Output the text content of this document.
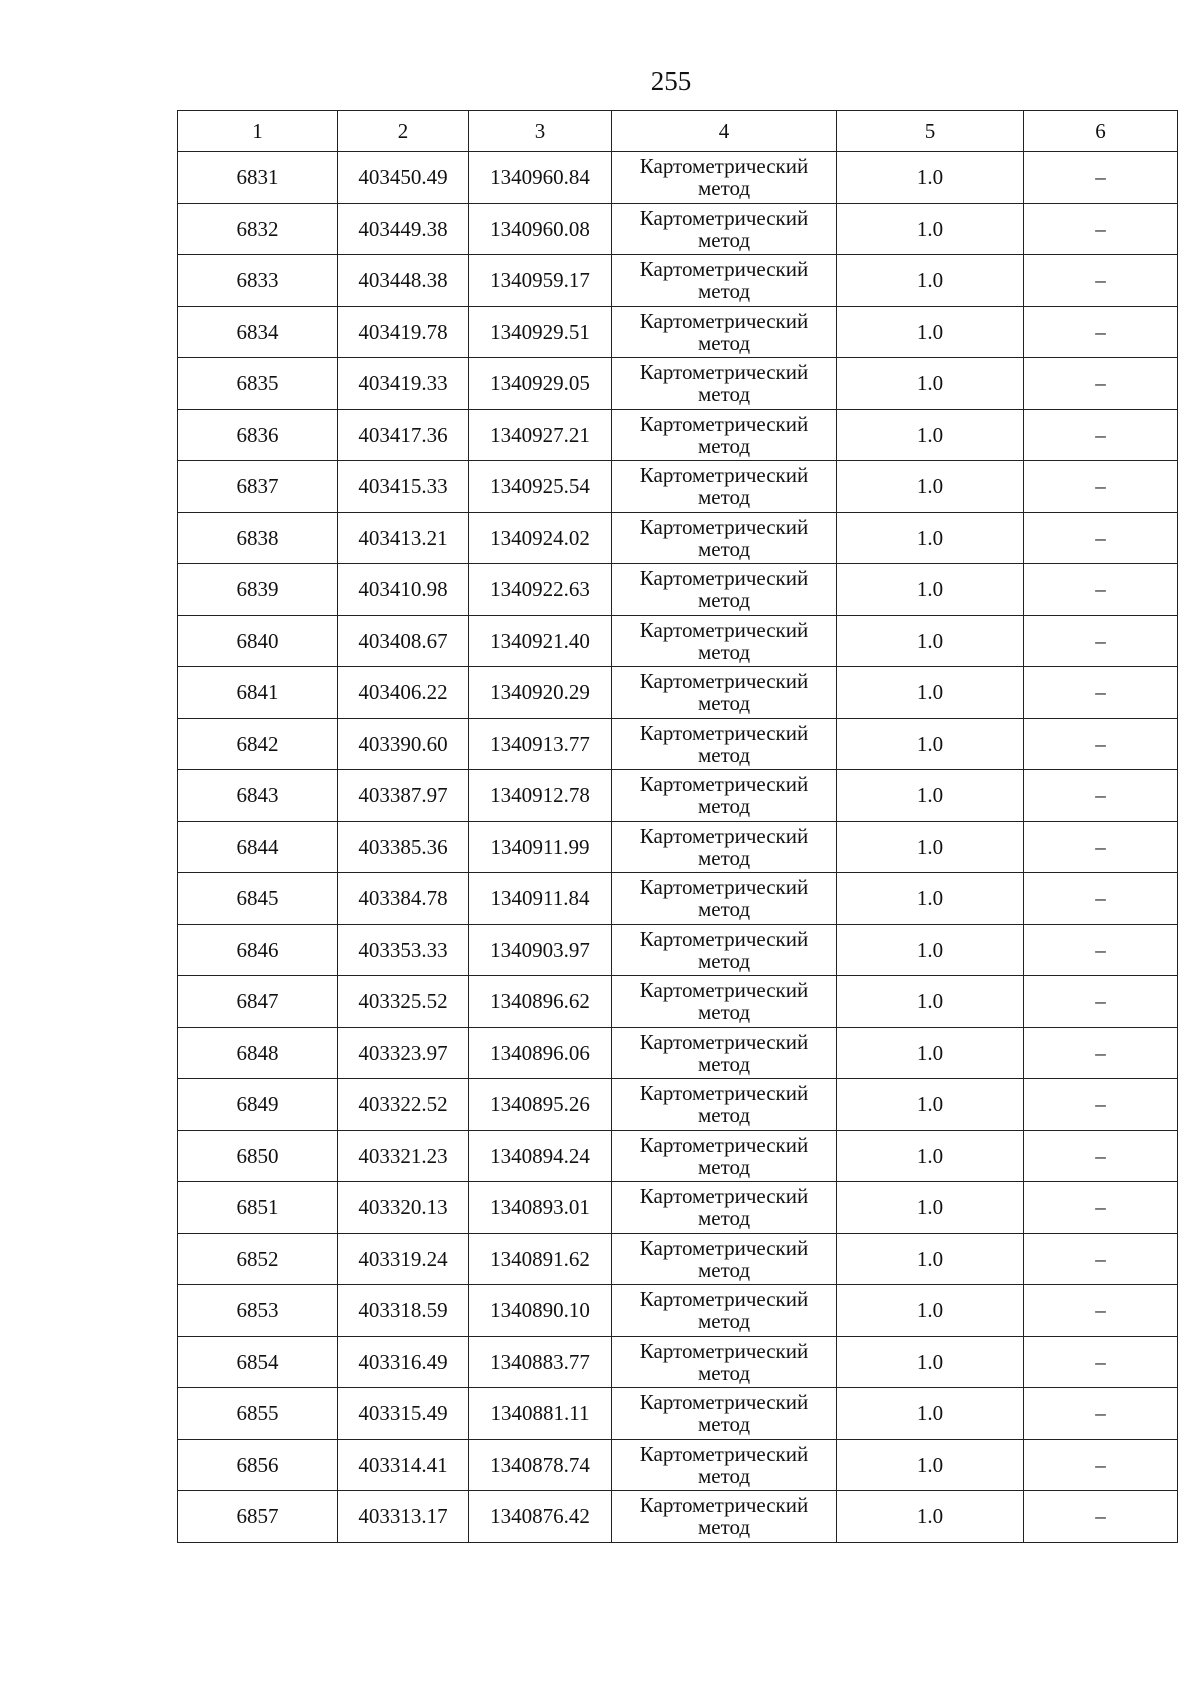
255
1	2	3	4	5	6
6831	403450.49	1340960.84	Картометрический метод	1.0	–
6832	403449.38	1340960.08	Картометрический метод	1.0	–
6833	403448.38	1340959.17	Картометрический метод	1.0	–
6834	403419.78	1340929.51	Картометрический метод	1.0	–
6835	403419.33	1340929.05	Картометрический метод	1.0	–
6836	403417.36	1340927.21	Картометрический метод	1.0	–
6837	403415.33	1340925.54	Картометрический метод	1.0	–
6838	403413.21	1340924.02	Картометрический метод	1.0	–
6839	403410.98	1340922.63	Картометрический метод	1.0	–
6840	403408.67	1340921.40	Картометрический метод	1.0	–
6841	403406.22	1340920.29	Картометрический метод	1.0	–
6842	403390.60	1340913.77	Картометрический метод	1.0	–
6843	403387.97	1340912.78	Картометрический метод	1.0	–
6844	403385.36	1340911.99	Картометрический метод	1.0	–
6845	403384.78	1340911.84	Картометрический метод	1.0	–
6846	403353.33	1340903.97	Картометрический метод	1.0	–
6847	403325.52	1340896.62	Картометрический метод	1.0	–
6848	403323.97	1340896.06	Картометрический метод	1.0	–
6849	403322.52	1340895.26	Картометрический метод	1.0	–
6850	403321.23	1340894.24	Картометрический метод	1.0	–
6851	403320.13	1340893.01	Картометрический метод	1.0	–
6852	403319.24	1340891.62	Картометрический метод	1.0	–
6853	403318.59	1340890.10	Картометрический метод	1.0	–
6854	403316.49	1340883.77	Картометрический метод	1.0	–
6855	403315.49	1340881.11	Картометрический метод	1.0	–
6856	403314.41	1340878.74	Картометрический метод	1.0	–
6857	403313.17	1340876.42	Картометрический метод	1.0	–
